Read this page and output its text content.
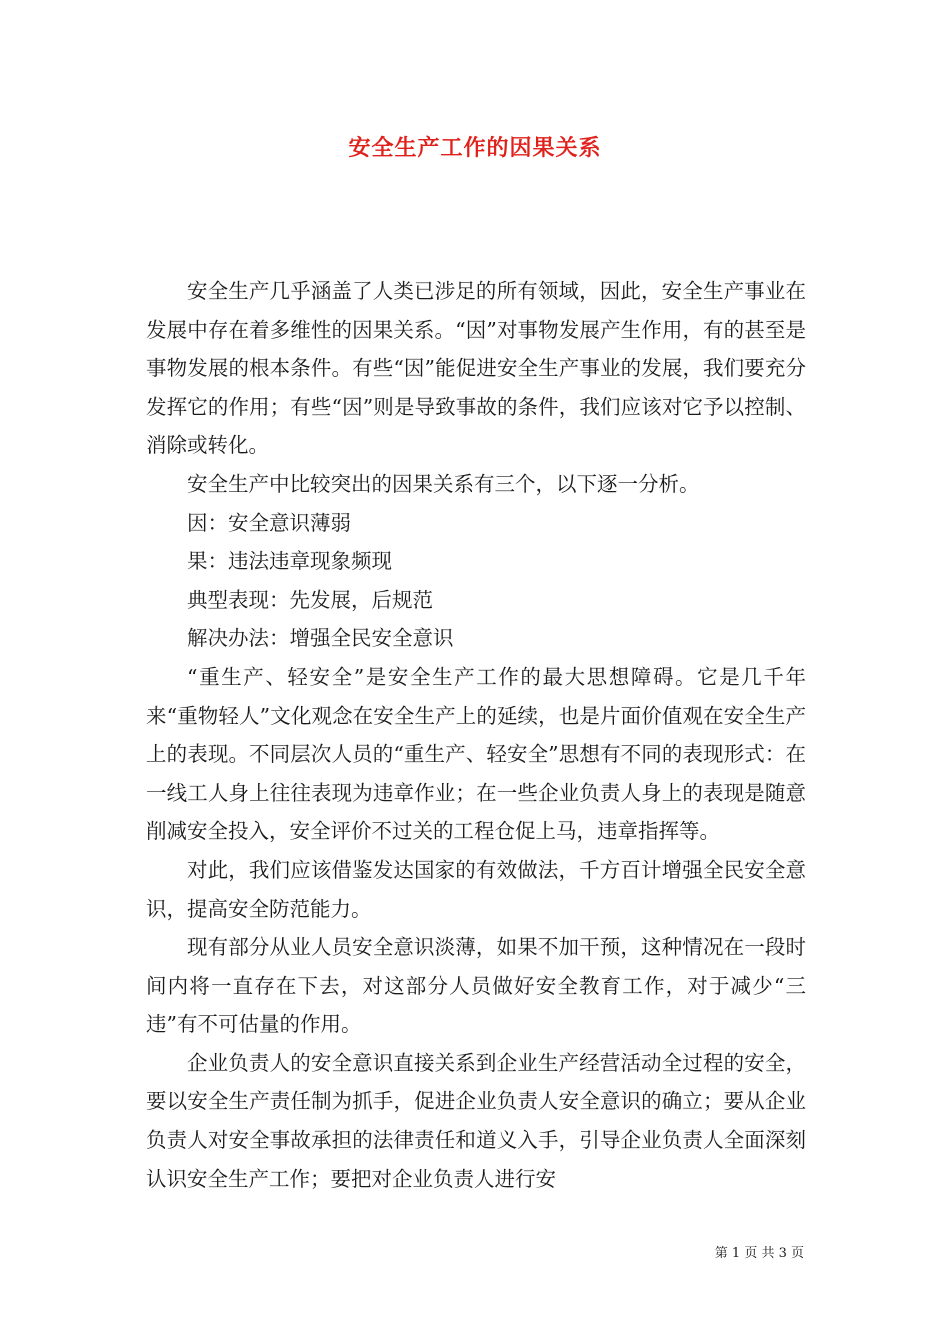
安全生产工作的因果关系

安全生产几乎涵盖了人类已涉足的所有领域，因此，安全生产事业在发展中存在着多维性的因果关系。“因”对事物发展产生作用，有的甚至是事物发展的根本条件。有些“因”能促进安全生产事业的发展，我们要充分发挥它的作用；有些“因”则是导致事故的条件，我们应该对它予以控制、消除或转化。

安全生产中比较突出的因果关系有三个，以下逐一分析。

因：安全意识薄弱

果：违法违章现象频现

典型表现：先发展，后规范

解决办法：增强全民安全意识

“重生产、轻安全”是安全生产工作的最大思想障碍。它是几千年来“重物轻人”文化观念在安全生产上的延续，也是片面价值观在安全生产上的表现。不同层次人员的“重生产、轻安全”思想有不同的表现形式：在一线工人身上往往表现为违章作业；在一些企业负责人身上的表现是随意削减安全投入，安全评价不过关的工程仓促上马，违章指挥等。

对此，我们应该借鉴发达国家的有效做法，千方百计增强全民安全意识，提高安全防范能力。

现有部分从业人员安全意识淡薄，如果不加干预，这种情况在一段时间内将一直存在下去，对这部分人员做好安全教育工作，对于减少“三违”有不可估量的作用。

企业负责人的安全意识直接关系到企业生产经营活动全过程的安全，要以安全生产责任制为抓手，促进企业负责人安全意识的确立；要从企业负责人对安全事故承担的法律责任和道义入手，引导企业负责人全面深刻认识安全生产工作；要把对企业负责人进行安

第 1 页 共 3 页
